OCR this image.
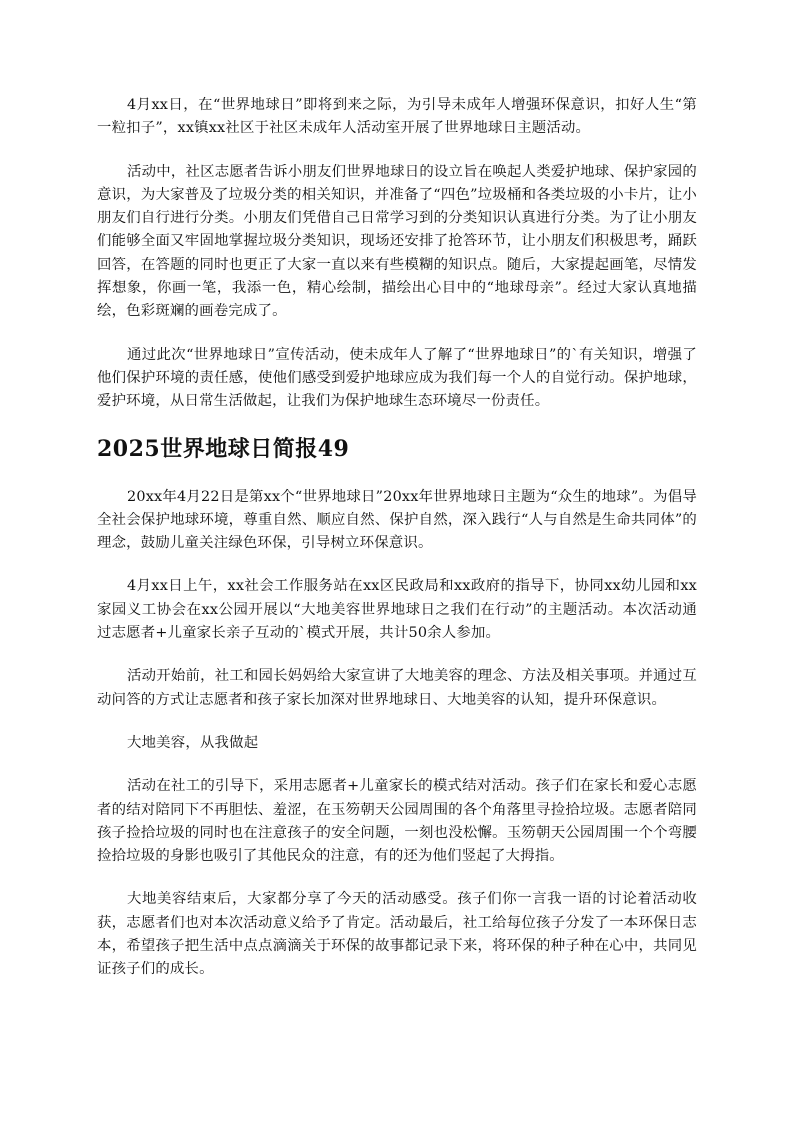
4月xx日，在“世界地球日”即将到来之际，为引导未成年人增强环保意识，扣好人生“第一粒扣子”，xx镇xx社区于社区未成年人活动室开展了世界地球日主题活动。

活动中，社区志愿者告诉小朋友们世界地球日的设立旨在唤起人类爱护地球、保护家园的意识，为大家普及了垃圾分类的相关知识，并准备了“四色”垃圾桶和各类垃圾的小卡片，让小朋友们自行进行分类。小朋友们凭借自己日常学习到的分类知识认真进行分类。为了让小朋友们能够全面又牢固地掌握垃圾分类知识，现场还安排了抢答环节，让小朋友们积极思考，踊跃回答，在答题的同时也更正了大家一直以来有些模糊的知识点。随后，大家提起画笔，尽情发挥想象，你画一笔，我添一色，精心绘制，描绘出心目中的“地球母亲”。经过大家认真地描绘，色彩斑斓的画卷完成了。

通过此次“世界地球日”宣传活动，使未成年人了解了“世界地球日”的`有关知识，增强了他们保护环境的责任感，使他们感受到爱护地球应成为我们每一个人的自觉行动。保护地球，爱护环境，从日常生活做起，让我们为保护地球生态环境尽一份责任。

2025世界地球日简报49

20xx年4月22日是第xx个“世界地球日”20xx年世界地球日主题为“众生的地球”。为倡导全社会保护地球环境，尊重自然、顺应自然、保护自然，深入践行“人与自然是生命共同体”的理念，鼓励儿童关注绿色环保，引导树立环保意识。

4月xx日上午，xx社会工作服务站在xx区民政局和xx政府的指导下，协同xx幼儿园和xx家园义工协会在xx公园开展以“大地美容世界地球日之我们在行动”的主题活动。本次活动通过志愿者+儿童家长亲子互动的`模式开展，共计50余人参加。

活动开始前，社工和园长妈妈给大家宣讲了大地美容的理念、方法及相关事项。并通过互动问答的方式让志愿者和孩子家长加深对世界地球日、大地美容的认知，提升环保意识。

大地美容，从我做起

活动在社工的引导下，采用志愿者+儿童家长的模式结对活动。孩子们在家长和爱心志愿者的结对陪同下不再胆怯、羞涩，在玉笏朝天公园周围的各个角落里寻捡拾垃圾。志愿者陪同孩子捡拾垃圾的同时也在注意孩子的安全问题，一刻也没松懈。玉笏朝天公园周围一个个弯腰捡拾垃圾的身影也吸引了其他民众的注意，有的还为他们竖起了大拇指。

大地美容结束后，大家都分享了今天的活动感受。孩子们你一言我一语的讨论着活动收获，志愿者们也对本次活动意义给予了肯定。活动最后，社工给每位孩子分发了一本环保日志本，希望孩子把生活中点点滴滴关于环保的故事都记录下来，将环保的种子种在心中，共同见证孩子们的成长。
